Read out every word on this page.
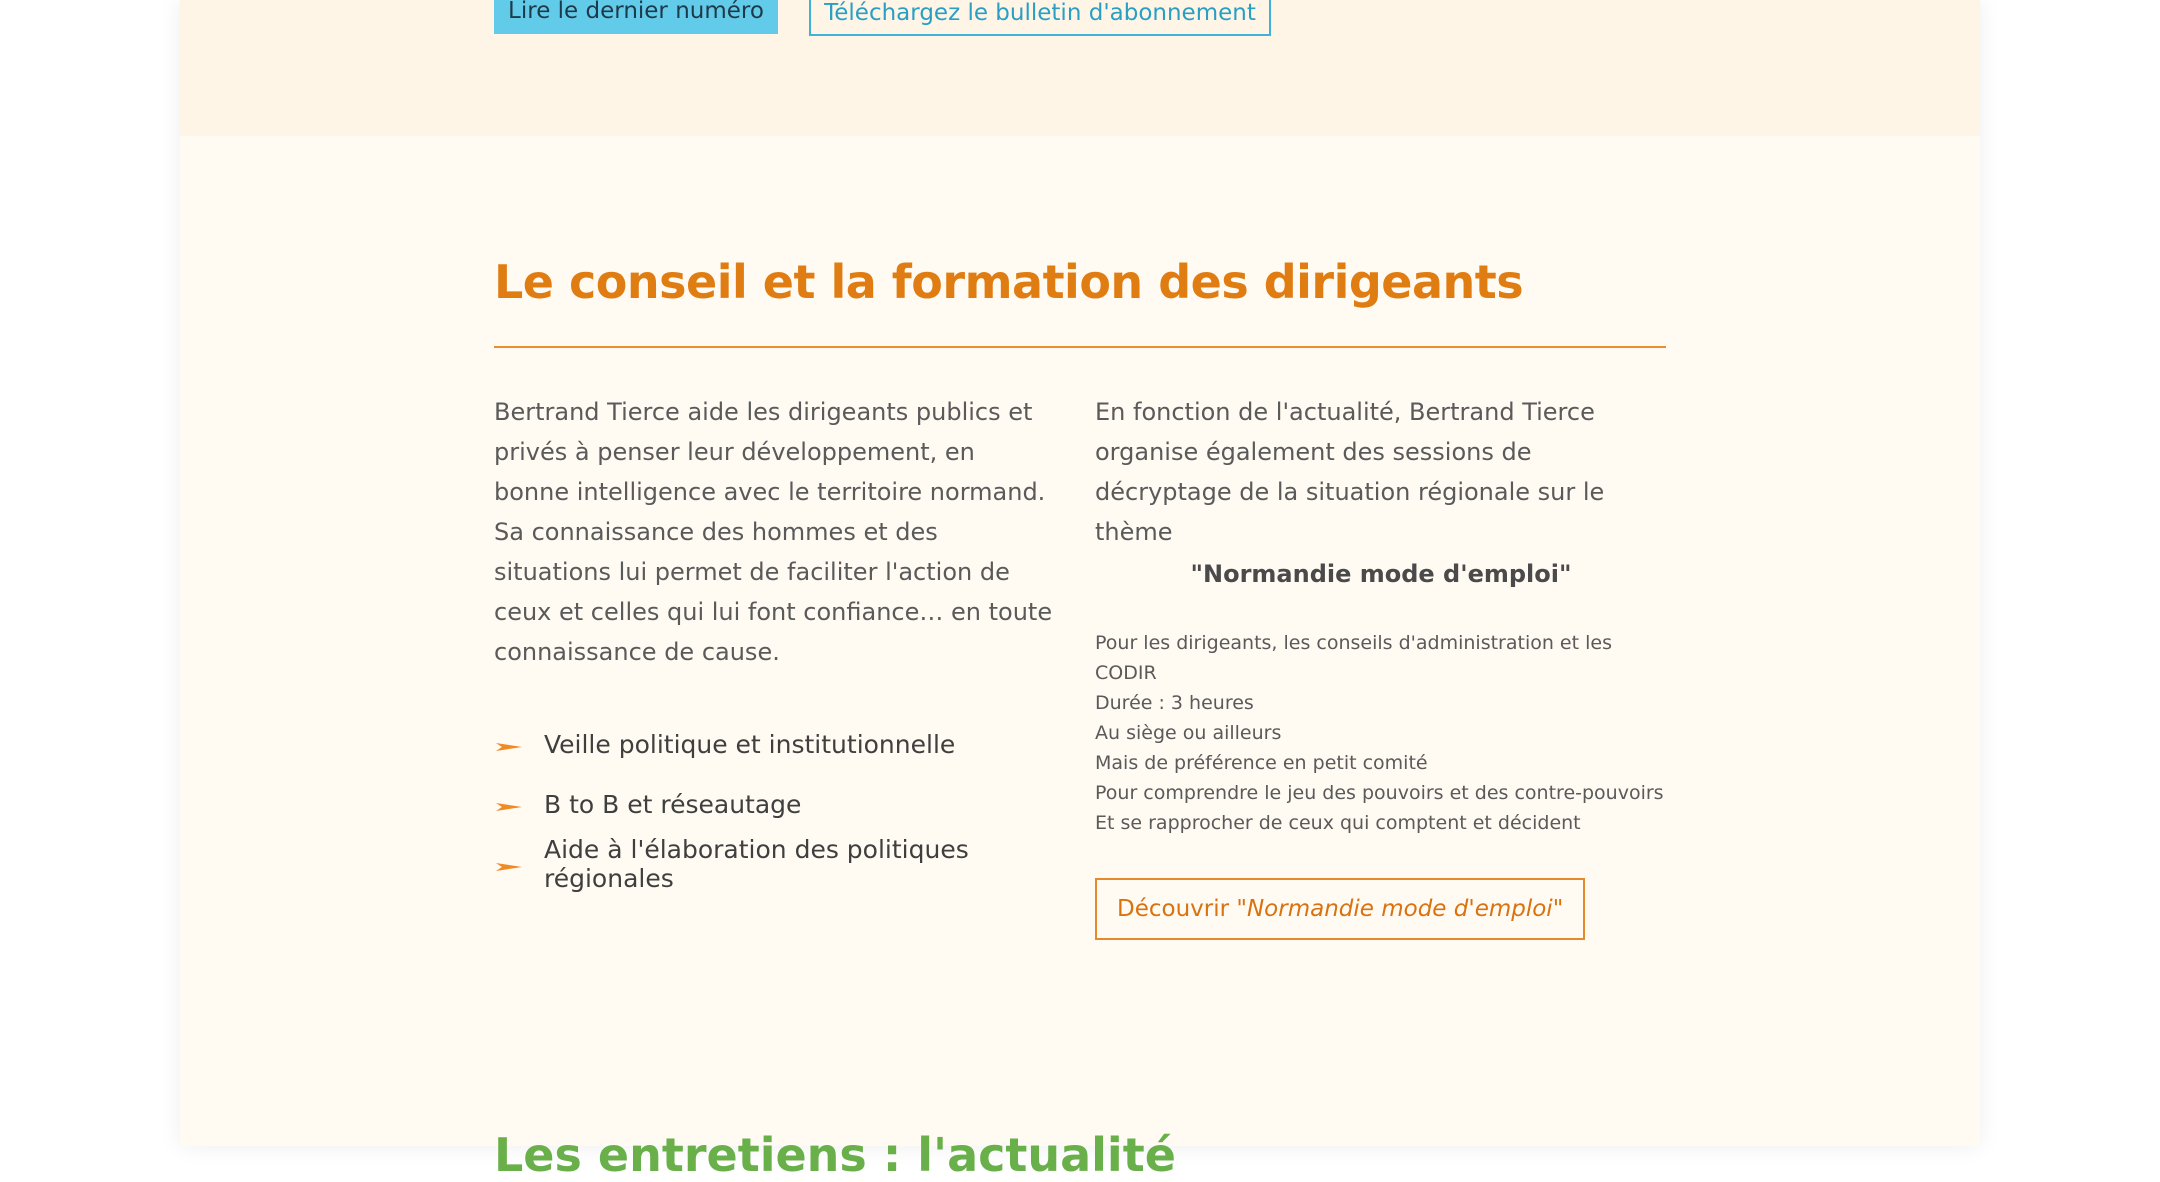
Lire le dernier numéro	Téléchargez le bulletin d'abonnement
Le conseil et la formation des dirigeants

Bertrand Tierce aide les dirigeants publics et privés à penser leur développement, en bonne intelligence avec le territoire normand. Sa connaissance des hommes et des situations lui permet de faciliter l'action de ceux et celles qui lui font confiance… en toute connaissance de cause.

Veille politique et institutionnelle
B to B et réseautage
Aide à l'élaboration des politiques régionales

En fonction de l'actualité, Bertrand Tierce organise également des sessions de décryptage de la situation régionale sur le thème

"Normandie mode d'emploi"

Pour les dirigeants, les conseils d'administration et les CODIR
Durée : 3 heures
Au siège ou ailleurs
Mais de préférence en petit comité
Pour comprendre le jeu des pouvoirs et des contre-pouvoirs
Et se rapprocher de ceux qui comptent et décident
Découvrir "Normandie mode d'emploi"
Les entretiens : l'actualité
